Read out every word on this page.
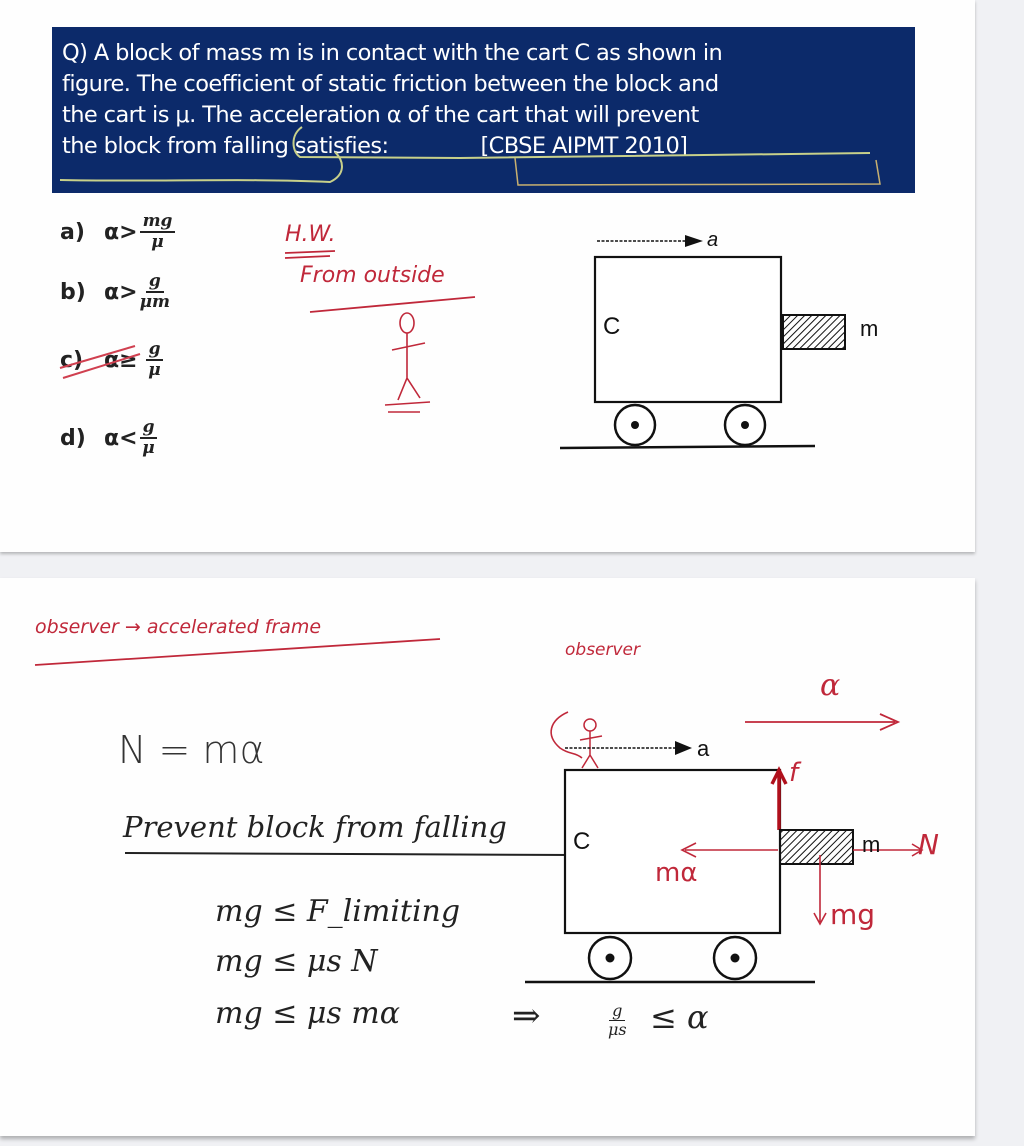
Q) A block of mass m is in contact with the cart C as shown in
figure. The coefficient of static friction between the block and
the cart is μ. The acceleration α of the cart that will prevent
the block from falling satisfies:	[CBSE AIPMT 2010]
a) $\alpha> \frac{mg}{\mu}$
b) $\alpha> \frac{g}{\mu m}$
c) $\alpha\ge \frac{g}{\mu}$
d) $\alpha< \frac{g}{\mu}$
H.W.
From outside
a
C	m
observer → accelerated frame
N = mα
Prevent block from falling
mg ≤ F_limiting
mg ≤ μs N
mg ≤ μs mα	⇒	$\frac{g}{\mu s} \le \alpha$
observer
α
a
C	m
f
mα
N
mg
